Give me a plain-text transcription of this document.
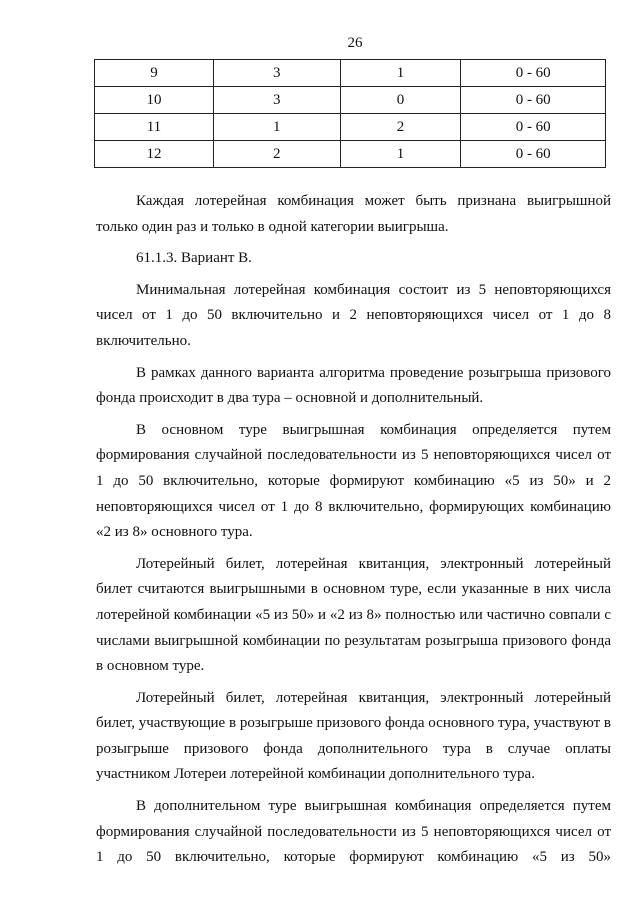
26
9	3	1	0 - 60
10	3	0	0 - 60
11	1	2	0 - 60
12	2	1	0 - 60

Каждая лотерейная комбинация может быть признана выигрышной только один раз и только в одной категории выигрыша.

61.1.3. Вариант В.

Минимальная лотерейная комбинация состоит из 5 неповторяющихся чисел от 1 до 50 включительно и 2 неповторяющихся чисел от 1 до 8 включительно.

В рамках данного варианта алгоритма проведение розыгрыша призового фонда происходит в два тура – основной и дополнительный.

В основном туре выигрышная комбинация определяется путем формирования случайной последовательности из 5 неповторяющихся чисел от 1 до 50 включительно, которые формируют комбинацию «5 из 50» и 2 неповторяющихся чисел от 1 до 8 включительно, формирующих комбинацию «2 из 8» основного тура.

Лотерейный билет, лотерейная квитанция, электронный лотерейный билет считаются выигрышными в основном туре, если указанные в них числа лотерейной комбинации «5 из 50» и «2 из 8» полностью или частично совпали с числами выигрышной комбинации по результатам розыгрыша призового фонда в основном туре.

Лотерейный билет, лотерейная квитанция, электронный лотерейный билет, участвующие в розыгрыше призового фонда основного тура, участвуют в розыгрыше призового фонда дополнительного тура в случае оплаты участником Лотереи лотерейной комбинации дополнительного тура.

В дополнительном туре выигрышная комбинация определяется путем формирования случайной последовательности из 5 неповторяющихся чисел от 1 до 50 включительно, которые формируют комбинацию «5 из 50»
